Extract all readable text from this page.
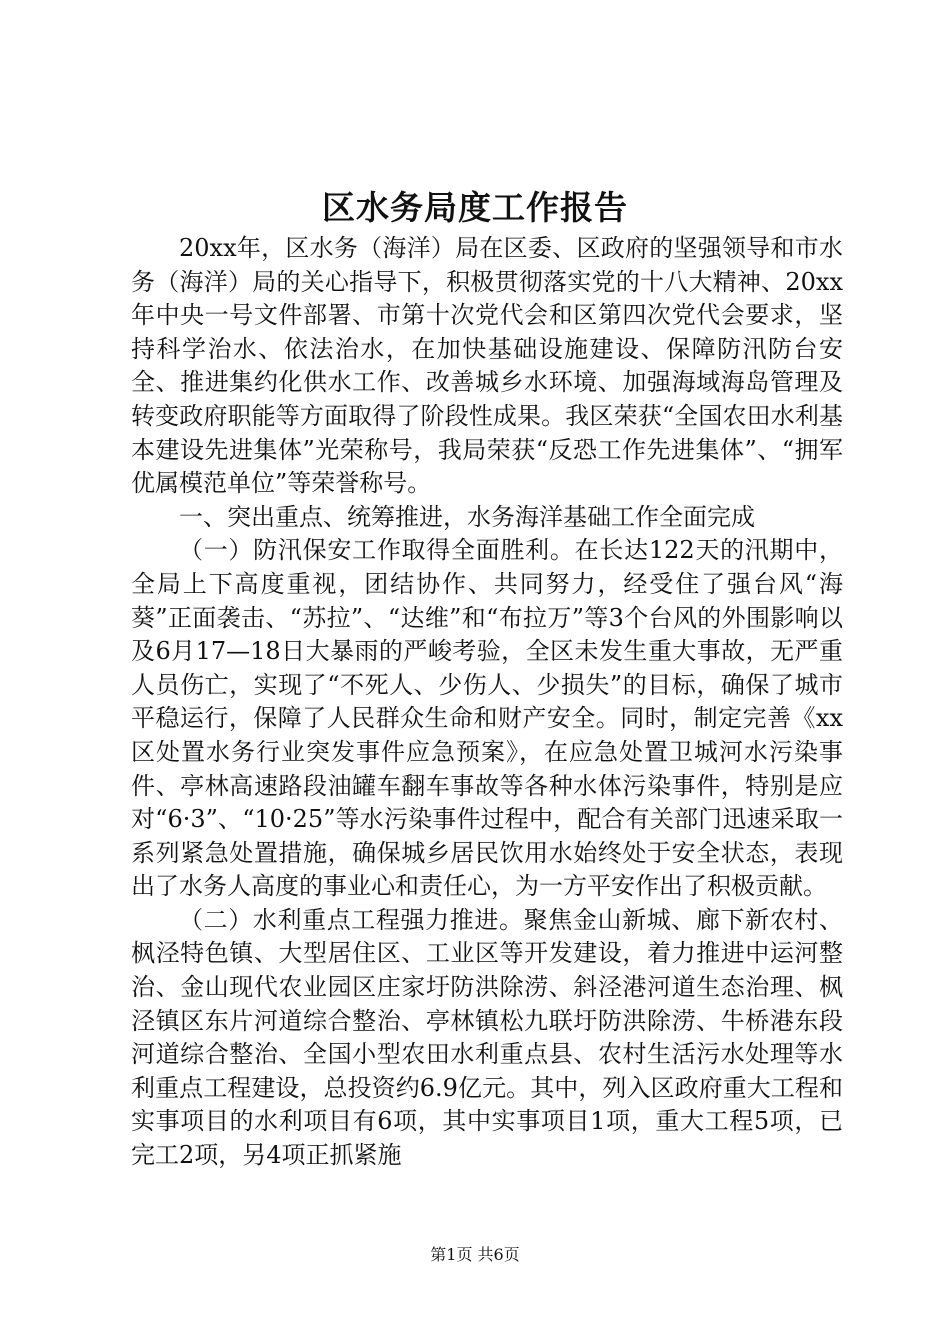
区水务局度工作报告

20xx年，区水务（海洋）局在区委、区政府的坚强领导和市水务（海洋）局的关心指导下，积极贯彻落实党的十八大精神、20xx年中央一号文件部署、市第十次党代会和区第四次党代会要求，坚持科学治水、依法治水，在加快基础设施建设、保障防汛防台安全、推进集约化供水工作、改善城乡水环境、加强海域海岛管理及转变政府职能等方面取得了阶段性成果。我区荣获“全国农田水利基本建设先进集体”光荣称号，我局荣获“反恐工作先进集体”、“拥军优属模范单位”等荣誉称号。

一、突出重点、统筹推进，水务海洋基础工作全面完成

（一）防汛保安工作取得全面胜利。在长达122天的汛期中，全局上下高度重视，团结协作、共同努力，经受住了强台风“海葵”正面袭击、“苏拉”、“达维”和“布拉万”等3个台风的外围影响以及6月17—18日大暴雨的严峻考验，全区未发生重大事故，无严重人员伤亡，实现了“不死人、少伤人、少损失”的目标，确保了城市平稳运行，保障了人民群众生命和财产安全。同时，制定完善《xx区处置水务行业突发事件应急预案》，在应急处置卫城河水污染事件、亭林高速路段油罐车翻车事故等各种水体污染事件，特别是应对“6·3”、“10·25”等水污染事件过程中，配合有关部门迅速采取一系列紧急处置措施，确保城乡居民饮用水始终处于安全状态，表现出了水务人高度的事业心和责任心，为一方平安作出了积极贡献。

（二）水利重点工程强力推进。聚焦金山新城、廊下新农村、枫泾特色镇、大型居住区、工业区等开发建设，着力推进中运河整治、金山现代农业园区庄家圩防洪除涝、斜泾港河道生态治理、枫泾镇区东片河道综合整治、亭林镇松九联圩防洪除涝、牛桥港东段河道综合整治、全国小型农田水利重点县、农村生活污水处理等水利重点工程建设，总投资约6.9亿元。其中，列入区政府重大工程和实事项目的水利项目有6项，其中实事项目1项，重大工程5项，已完工2项，另4项正抓紧施

第1页 共6页
